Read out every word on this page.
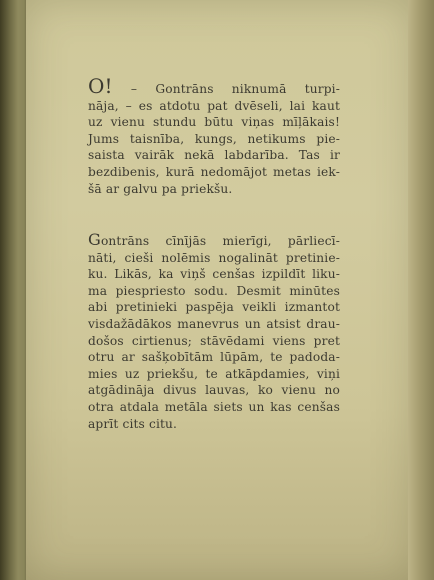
O! – Gontrāns niknumā turpi-
nāja, – es atdotu pat dvēseli, lai kaut
uz vienu stundu būtu viņas mīļākais!
Jums taisnība, kungs, netikums pie-
saista vairāk nekā labdarība. Tas ir
bezdibenis, kurā nedomājot metas iek-
šā ar galvu pa priekšu.
Gontrāns cīnījās mierīgi, pārliecī-
nāti, cieši nolēmis nogalināt pretinie-
ku. Likās, ka viņš cenšas izpildīt liku-
ma piespriesto sodu. Desmit minūtes
abi pretinieki paspēja veikli izmantot
visdažādākos manevrus un atsist drau-
došos cirtienus; stāvēdami viens pret
otru ar sašķobītām lūpām, te padoda-
mies uz priekšu, te atkāpdamies, viņi
atgādināja divus lauvas, ko vienu no
otra atdala metāla siets un kas cenšas
aprīt cits citu.
